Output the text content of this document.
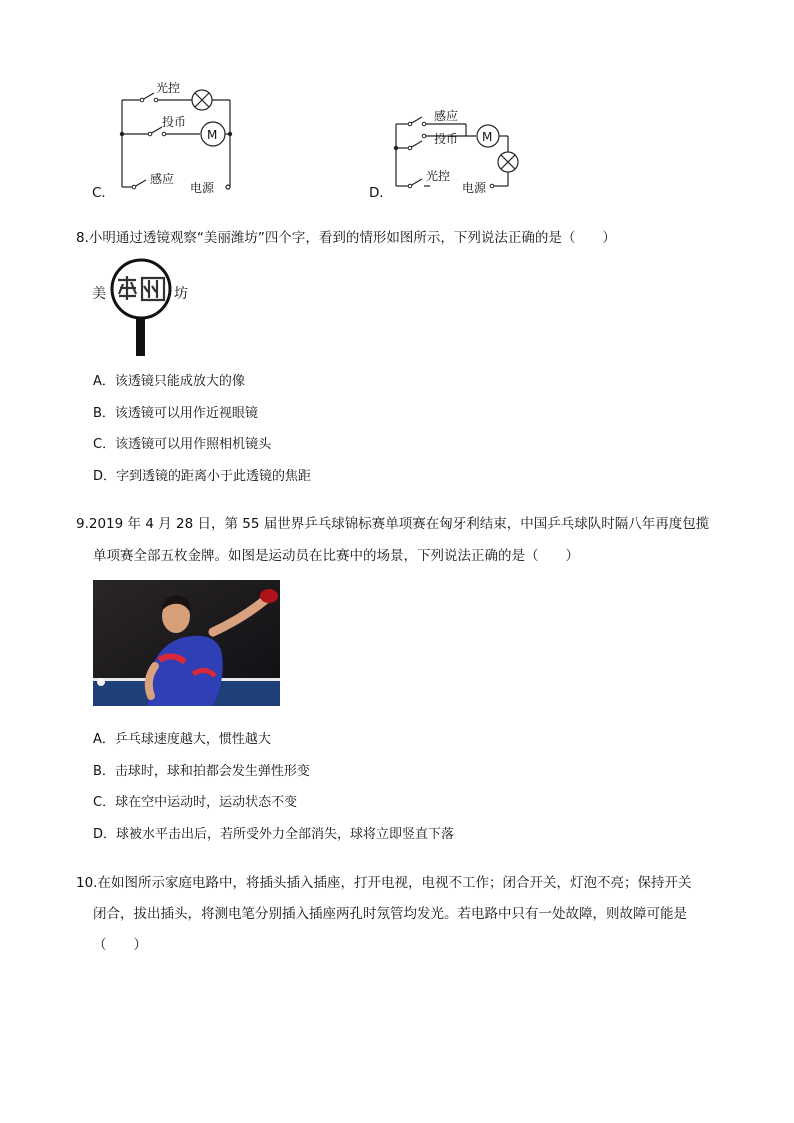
光控
投币
感应
电源
M
C．
感应
投币
光控
电源
M
D．
8.小明通过透镜观察“美丽潍坊”四个字，看到的情形如图所示，下列说法正确的是（　　）
美	坊
A．该透镜只能成放大的像
B．该透镜可以用作近视眼镜
C．该透镜可以用作照相机镜头
D．字到透镜的距离小于此透镜的焦距
9.2019 年 4 月 28 日，第 55 届世界乒乓球锦标赛单项赛在匈牙利结束，中国乒乓球队时隔八年再度包揽
单项赛全部五枚金牌。如图是运动员在比赛中的场景，下列说法正确的是（　　）
A．乒乓球速度越大，惯性越大
B．击球时，球和拍都会发生弹性形变
C．球在空中运动时，运动状态不变
D．球被水平击出后，若所受外力全部消失，球将立即竖直下落
10.在如图所示家庭电路中，将插头插入插座，打开电视，电视不工作；闭合开关，灯泡不亮；保持开关
闭合，拔出插头，将测电笔分别插入插座两孔时氖管均发光。若电路中只有一处故障，则故障可能是
（　　）
